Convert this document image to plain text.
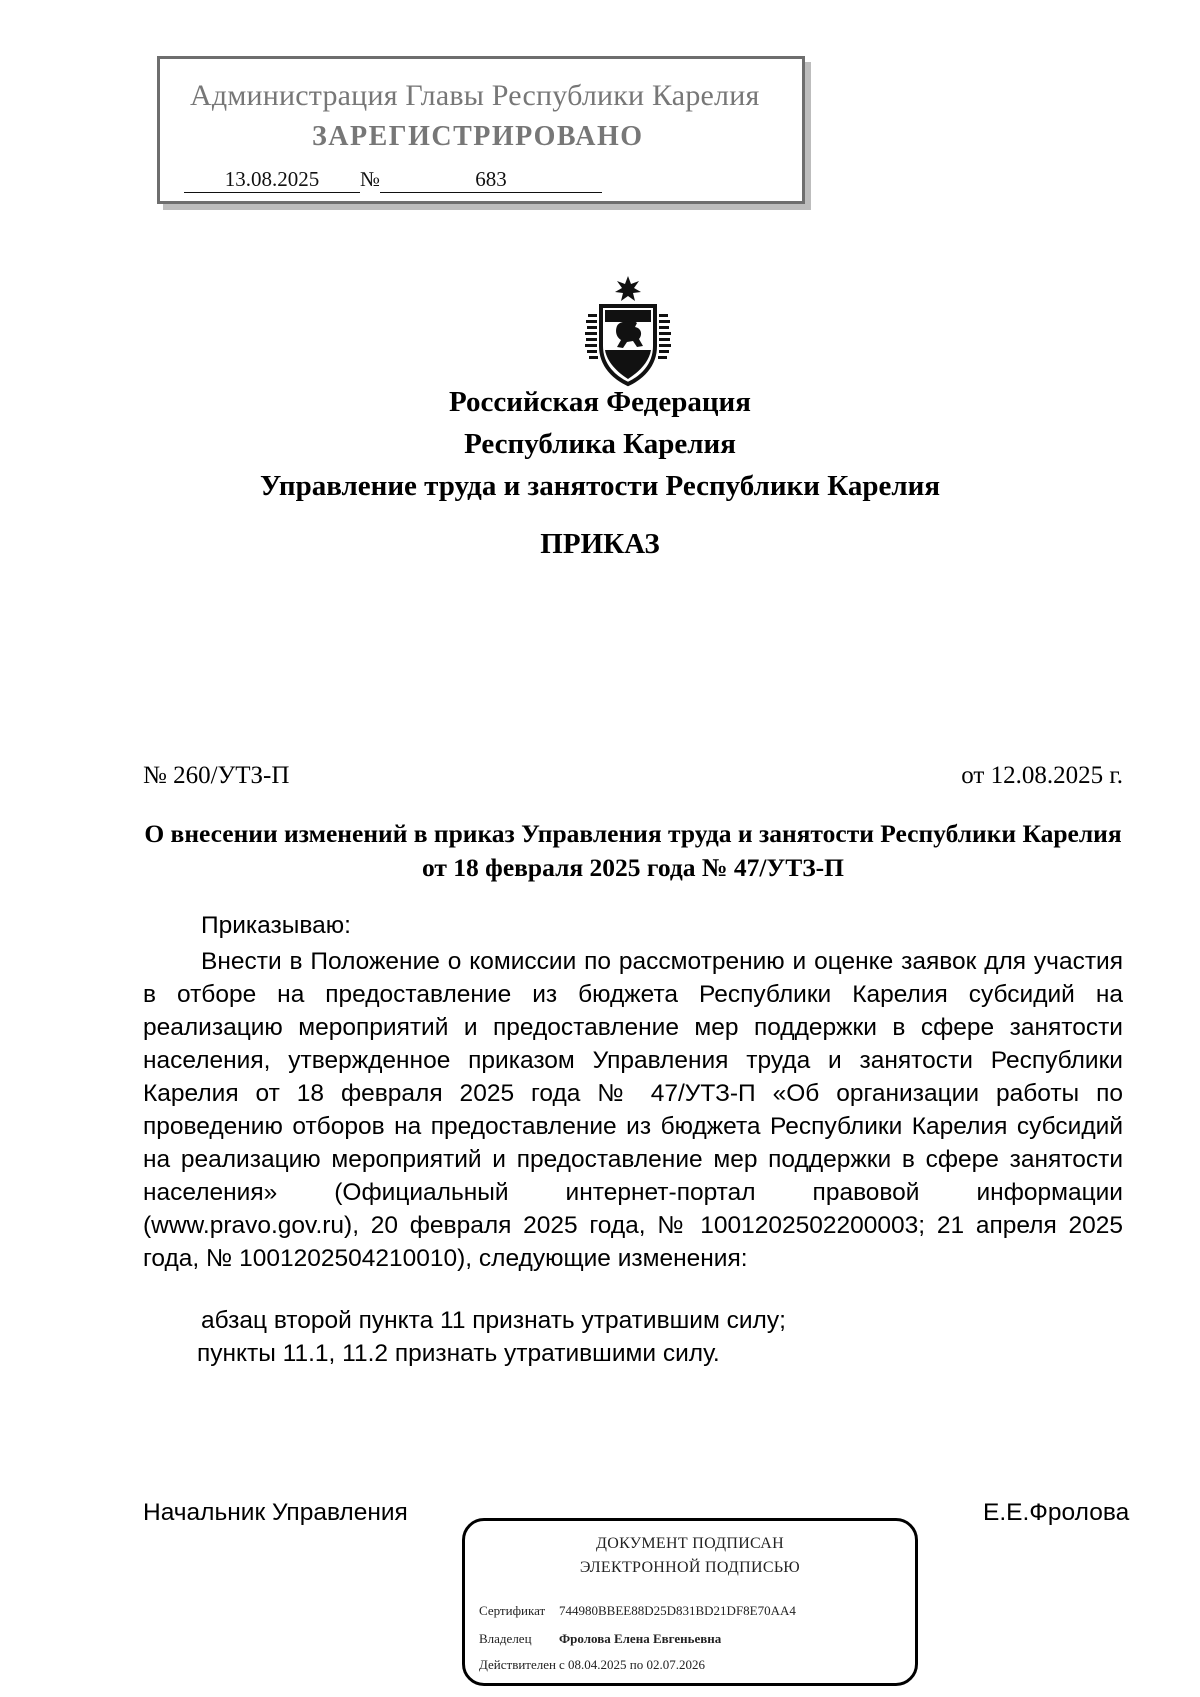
Администрация Главы Республики Карелия
ЗАРЕГИСТРИРОВАНО
13.08.2025 №	683
Российская Федерация
Республика Карелия
Управление труда и занятости Республики Карелия
ПРИКАЗ
№ 260/УТЗ-П	от 12.08.2025 г.
О внесении изменений в приказ Управления труда и занятости Республики Карелия от 18 февраля 2025 года № 47/УТЗ-П
Приказываю:

Внести в Положение о комиссии по рассмотрению и оценке заявок для участия в отборе на предоставление из бюджета Республики Карелия субсидий на реализацию мероприятий и предоставление мер поддержки в сфере занятости населения, утвержденное приказом Управления труда и занятости Республики Карелия от 18 февраля 2025 года № 47/УТЗ-П «Об организации работы по проведению отборов на предоставление из бюджета Республики Карелия субсидий на реализацию мероприятий и предоставление мер поддержки в сфере занятости населения» (Официальный интернет-портал правовой информации (www.pravo.gov.ru), 20 февраля 2025 года, № 1001202502200003; 21 апреля 2025 года, № 1001202504210010), следующие изменения:

абзац второй пункта 11 признать утратившим силу;
пункты 11.1, 11.2 признать утратившими силу.
Начальник Управления	Е.Е.Фролова
ДОКУМЕНТ ПОДПИСАН
ЭЛЕКТРОННОЙ ПОДПИСЬЮ
Сертификат 744980BBEE88D25D831BD21DF8E70AA4
Владелец Фролова Елена Евгеньевна
Действителен с 08.04.2025 по 02.07.2026
